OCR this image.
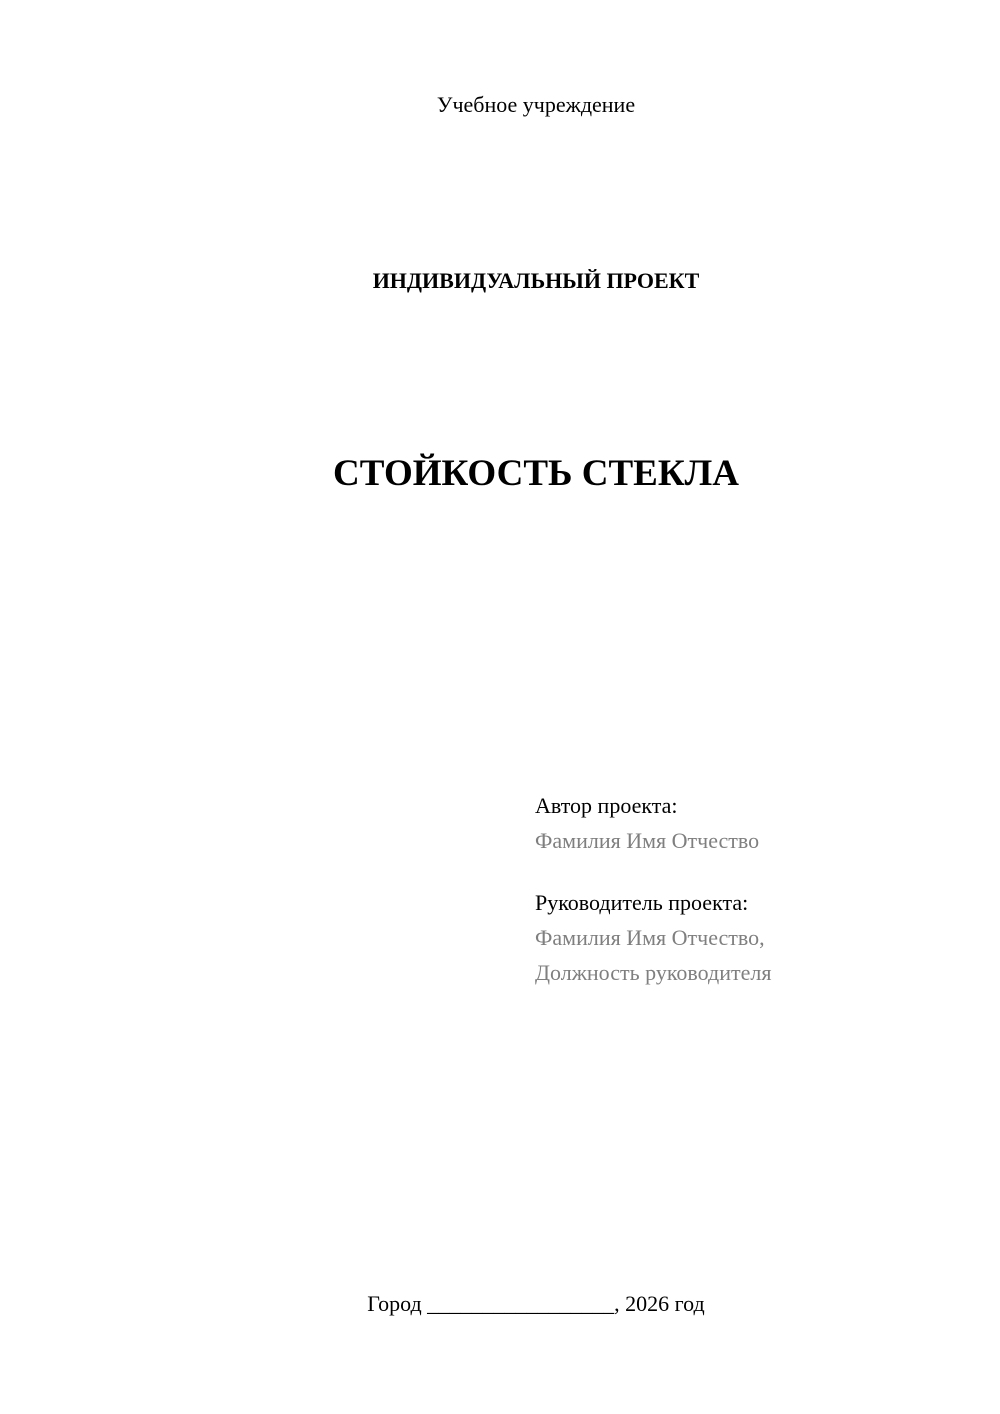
Учебное учреждение
ИНДИВИДУАЛЬНЫЙ ПРОЕКТ
СТОЙКОСТЬ СТЕКЛА
Автор проекта:
Фамилия Имя Отчество
Руководитель проекта:
Фамилия Имя Отчество,
Должность руководителя
Город _________________, 2026 год
